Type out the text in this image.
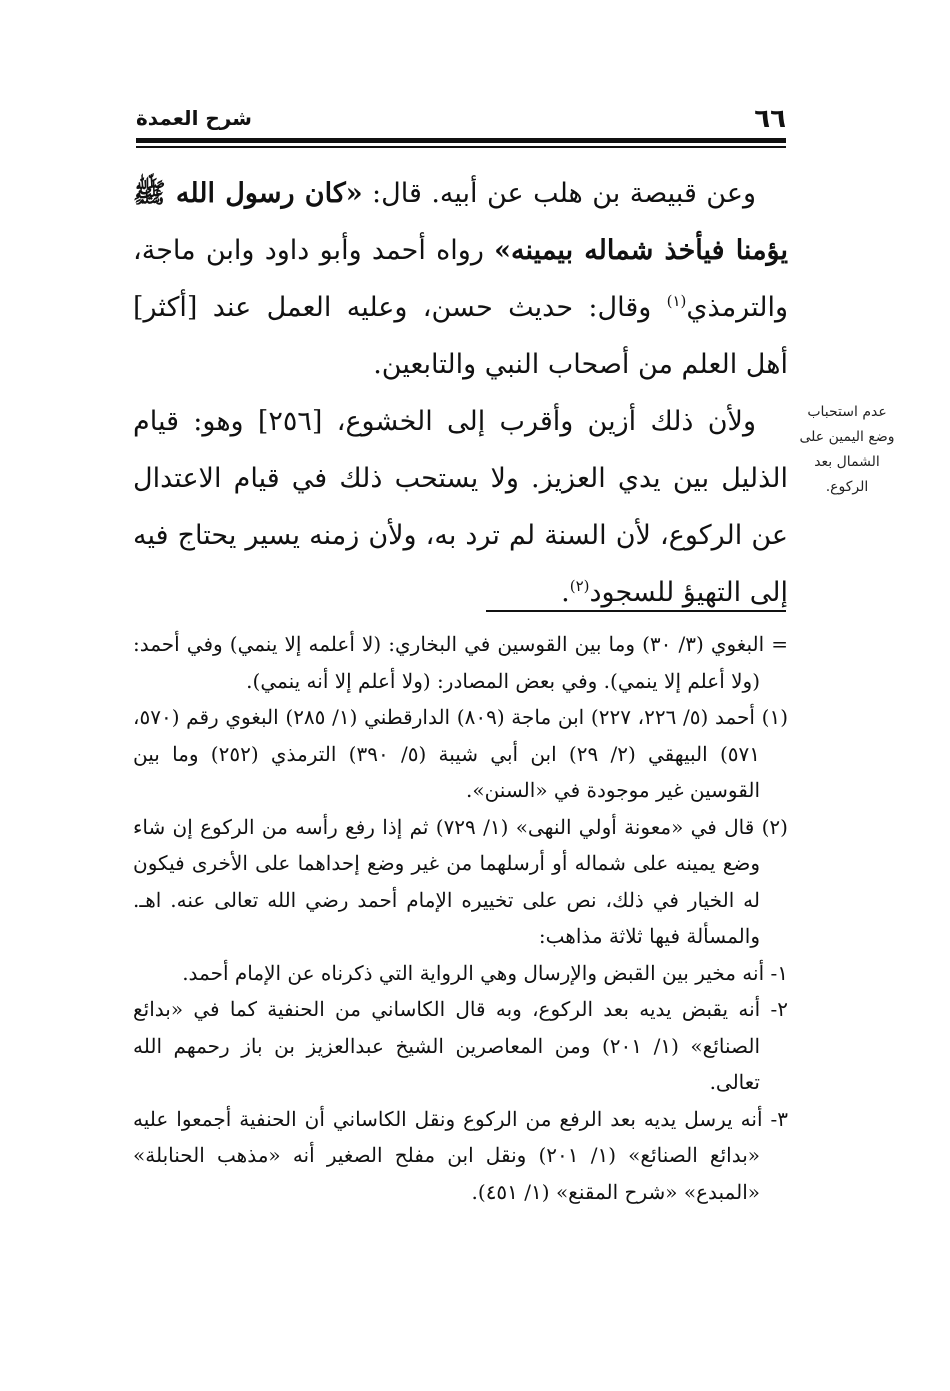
٦٦
شرح العمدة

وعن قبيصة بن هلب عن أبيه. قال: «كان رسول الله ﷺ يؤمنا فيأخذ شماله بيمينه» رواه أحمد وأبو داود وابن ماجة، والترمذي$^{(١)}$ وقال: حديث حسن، وعليه العمل عند [أكثر] أهل العلم من أصحاب النبي والتابعين.

ولأن ذلك أزين وأقرب إلى الخشوع، [٢٥٦] وهو: قيام الذليل بين يدي العزيز. ولا يستحب ذلك في قيام الاعتدال عن الركوع، لأن السنة لم ترد به، ولأن زمنه يسير يحتاج فيه إلى التهيؤ للسجود$^{(٢)}$.

عدم استحباب وضع اليمين على الشمال بعد الركوع.

= البغوي (٣/ ٣٠) وما بين القوسين في البخاري: (لا أعلمه إلا ينمي) وفي أحمد: (ولا أعلم إلا ينمي). وفي بعض المصادر: (ولا أعلم إلا أنه ينمي).

(١) أحمد (٥/ ٢٢٦، ٢٢٧) ابن ماجة (٨٠٩) الدارقطني (١/ ٢٨٥) البغوي رقم (٥٧٠، ٥٧١) البيهقي (٢/ ٢٩) ابن أبي شيبة (٥/ ٣٩٠) الترمذي (٢٥٢) وما بين القوسين غير موجودة في «السنن».

(٢) قال في «معونة أولي النهى» (١/ ٧٢٩) ثم إذا رفع رأسه من الركوع إن شاء وضع يمينه على شماله أو أرسلهما من غير وضع إحداهما على الأخرى فيكون له الخيار في ذلك، نص على تخييره الإمام أحمد رضي الله تعالى عنه. اهـ. والمسألة فيها ثلاثة مذاهب:

١- أنه مخير بين القبض والإرسال وهي الرواية التي ذكرناه عن الإمام أحمد.

٢- أنه يقبض يديه بعد الركوع، وبه قال الكاساني من الحنفية كما في «بدائع الصنائع» (١/ ٢٠١) ومن المعاصرين الشيخ عبدالعزيز بن باز رحمهم الله تعالى.

٣- أنه يرسل يديه بعد الرفع من الركوع ونقل الكاساني أن الحنفية أجمعوا عليه «بدائع الصنائع» (١/ ٢٠١) ونقل ابن مفلح الصغير أنه «مذهب الحنابلة» «المبدع» «شرح المقنع» (١/ ٤٥١).
